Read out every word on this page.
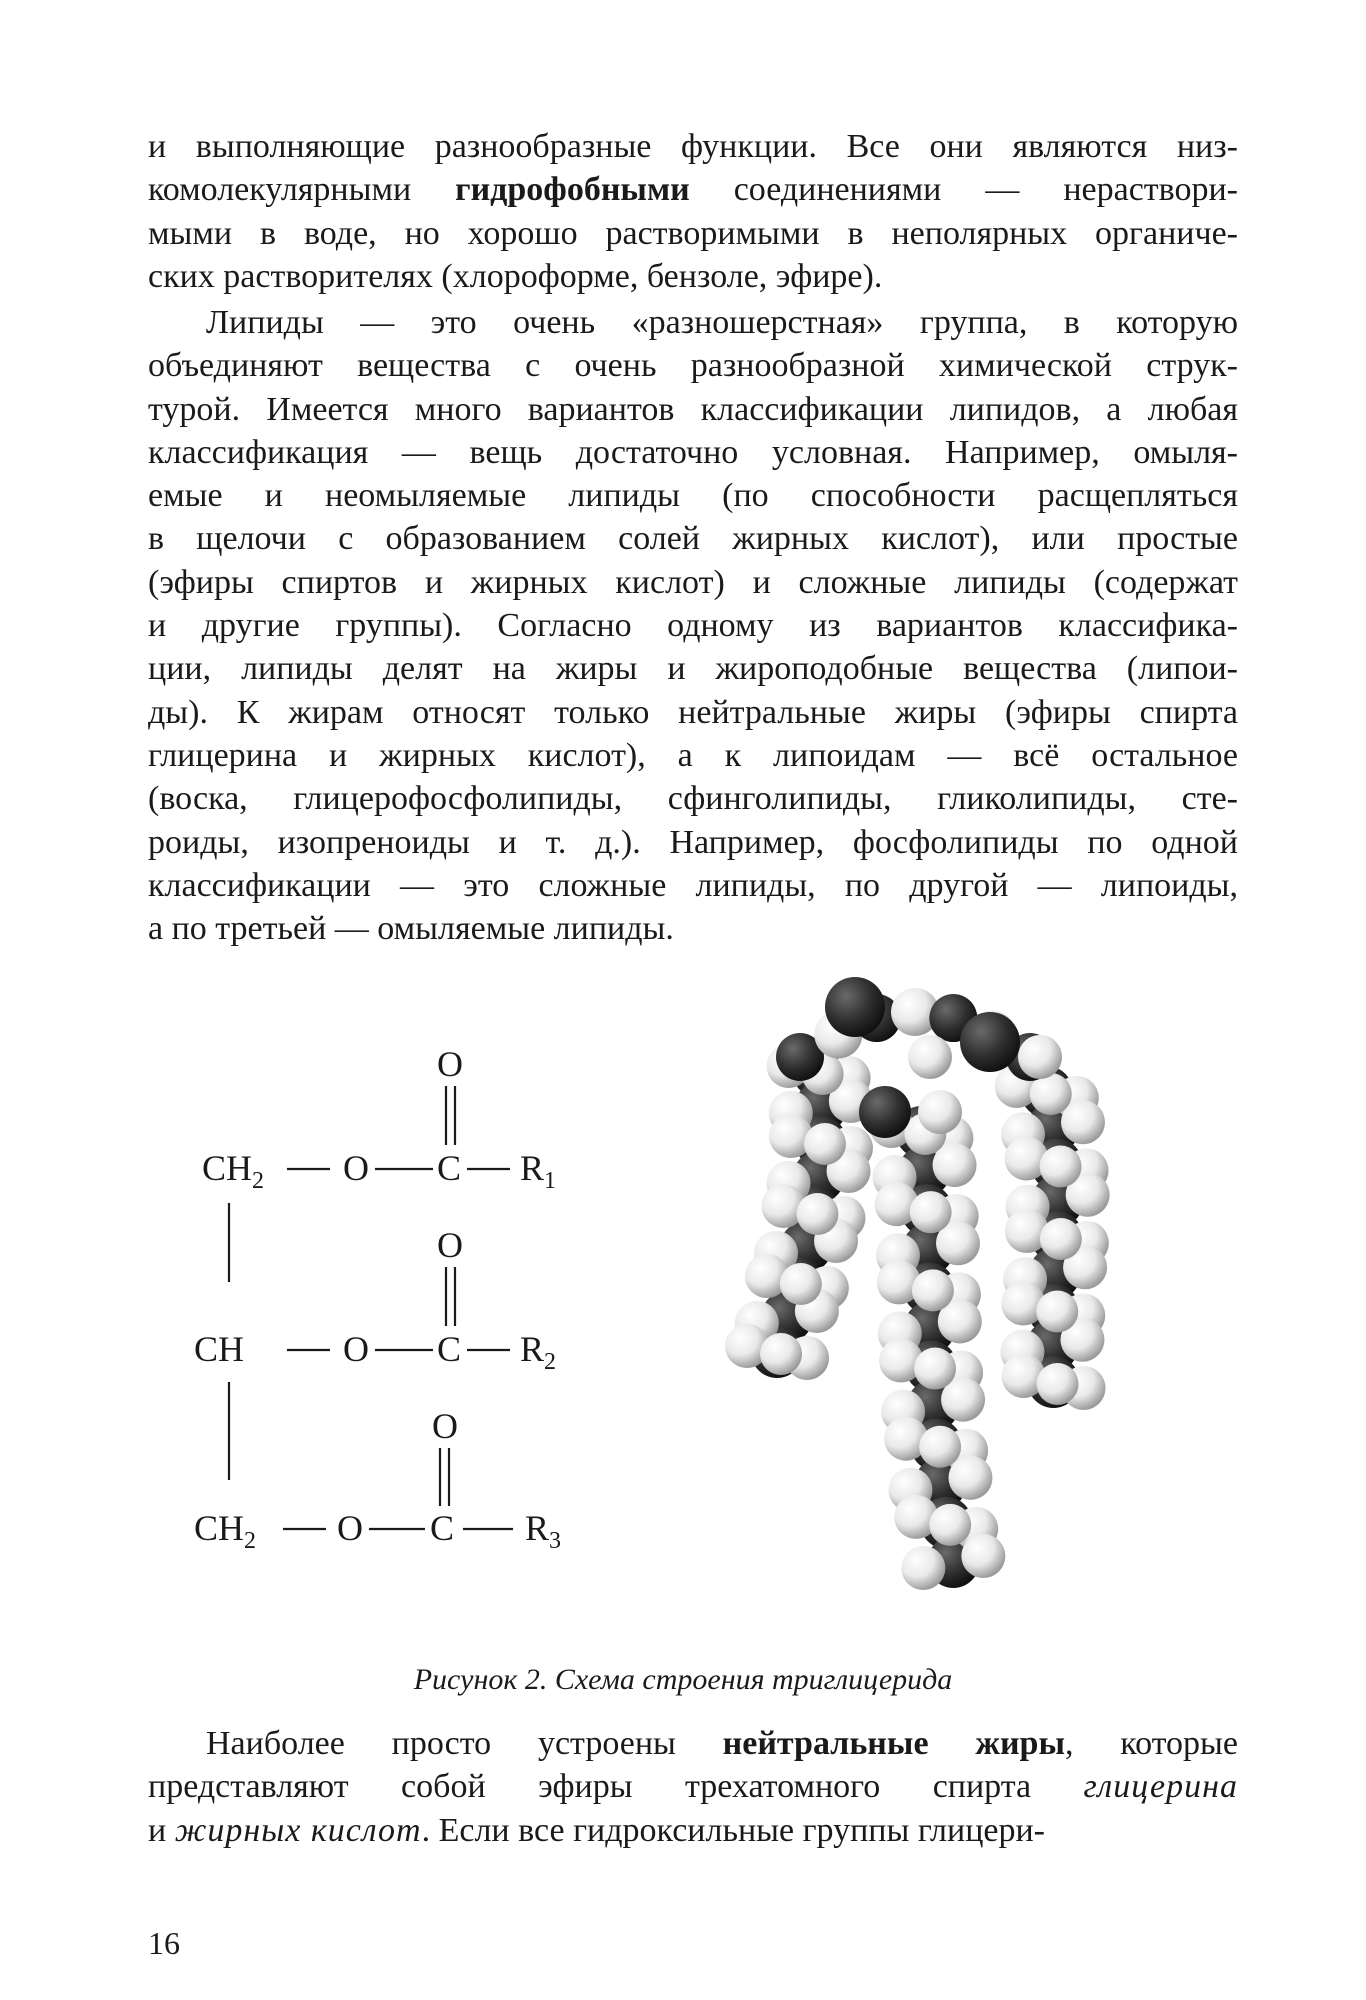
и выполняющие разнообразные функции. Все они являются низ-
комолекулярными гидрофобными соединениями — нераствори-
мыми в воде, но хорошо растворимыми в неполярных органиче-
ских растворителях (хлороформе, бензоле, эфире).
Липиды — это очень «разношерстная» группа, в которую
объединяют вещества с очень разнообразной химической струк-
турой. Имеется много вариантов классификации липидов, а любая
классификация — вещь достаточно условная. Например, омыля-
емые и неомыляемые липиды (по способности расщепляться
в щелочи с образованием солей жирных кислот), или простые
(эфиры спиртов и жирных кислот) и сложные липиды (содержат
и другие группы). Согласно одному из вариантов классифика-
ции, липиды делят на жиры и жироподобные вещества (липои-
ды). К жирам относят только нейтральные жиры (эфиры спирта
глицерина и жирных кислот), а к липоидам — всё остальное
(воска, глицерофосфолипиды, сфинголипиды, гликолипиды, сте-
роиды, изопреноиды и т. д.). Например, фосфолипиды по одной
классификации — это сложные липиды, по другой — липоиды,
а по третьей — омыляемые липиды.
O
$CH_2$ O C $R_1$
O
CH	O C $R_2$
O
$CH_2$ O C $R_3$
Рисунок 2. Схема строения триглицерида
Наиболее просто устроены нейтральные жиры, которые
представляют собой эфиры трехатомного спирта глицерина
и жирных кислот. Если все гидроксильные группы глицери-
16
